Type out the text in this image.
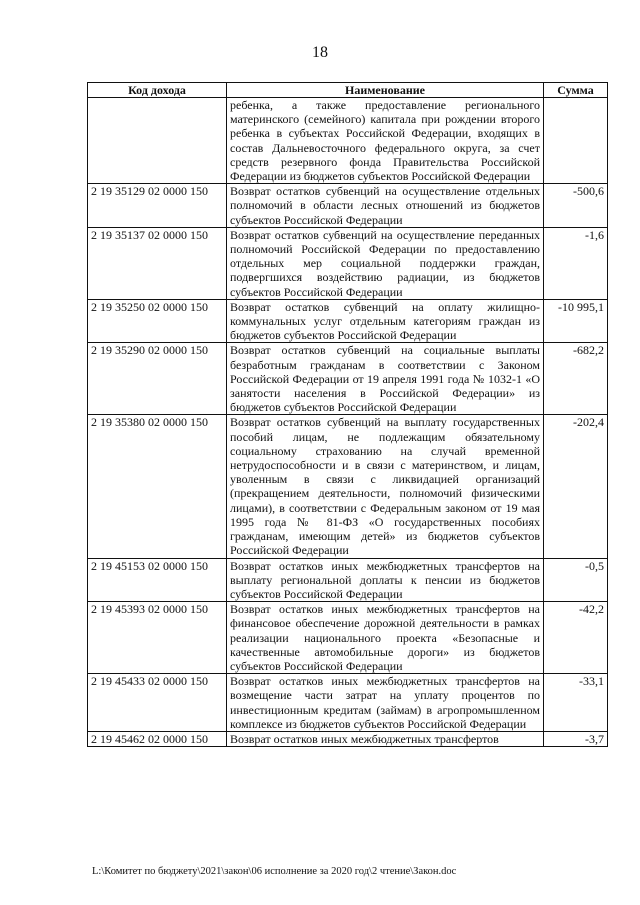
18
Код дохода	Наименование	Сумма
	ребенка, а также предоставление регионального материнского (семейного) капитала при рождении второго ребенка в субъектах Российской Федерации, входящих в состав Дальневосточного федерального округа, за счет средств резервного фонда Правительства Российской Федерации из бюджетов субъектов Российской Федерации	
2 19 35129 02 0000 150	Возврат остатков субвенций на осуществление отдельных полномочий в области лесных отношений из бюджетов субъектов Российской Федерации	-500,6
2 19 35137 02 0000 150	Возврат остатков субвенций на осуществление переданных полномочий Российской Федерации по предоставлению отдельных мер социальной поддержки граждан, подвергшихся воздействию радиации, из бюджетов субъектов Российской Федерации	-1,6
2 19 35250 02 0000 150	Возврат остатков субвенций на оплату жилищно-коммунальных услуг отдельным категориям граждан из бюджетов субъектов Российской Федерации	-10 995,1
2 19 35290 02 0000 150	Возврат остатков субвенций на социальные выплаты безработным гражданам в соответствии с Законом Российской Федерации от 19 апреля 1991 года № 1032-1 «О занятости населения в Российской Федерации» из бюджетов субъектов Российской Федерации	-682,2
2 19 35380 02 0000 150	Возврат остатков субвенций на выплату государственных пособий лицам, не подлежащим обязательному социальному страхованию на случай временной нетрудоспособности и в связи с материнством, и лицам, уволенным в связи с ликвидацией организаций (прекращением деятельности, полномочий физическими лицами), в соответствии с Федеральным законом от 19 мая 1995 года № 81-ФЗ «О государственных пособиях гражданам, имеющим детей» из бюджетов субъектов Российской Федерации	-202,4
2 19 45153 02 0000 150	Возврат остатков иных межбюджетных трансфертов на выплату региональной доплаты к пенсии из бюджетов субъектов Российской Федерации	-0,5
2 19 45393 02 0000 150	Возврат остатков иных межбюджетных трансфертов на финансовое обеспечение дорожной деятельности в рамках реализации национального проекта «Безопасные и качественные автомобильные дороги» из бюджетов субъектов Российской Федерации	-42,2
2 19 45433 02 0000 150	Возврат остатков иных межбюджетных трансфертов на возмещение части затрат на уплату процентов по инвестиционным кредитам (займам) в агропромышленном комплексе из бюджетов субъектов Российской Федерации	-33,1
2 19 45462 02 0000 150	Возврат остатков иных межбюджетных трансфертов	-3,7
L:\Комитет по бюджету\2021\закон\06 исполнение за 2020 год\2 чтение\Закон.doc
